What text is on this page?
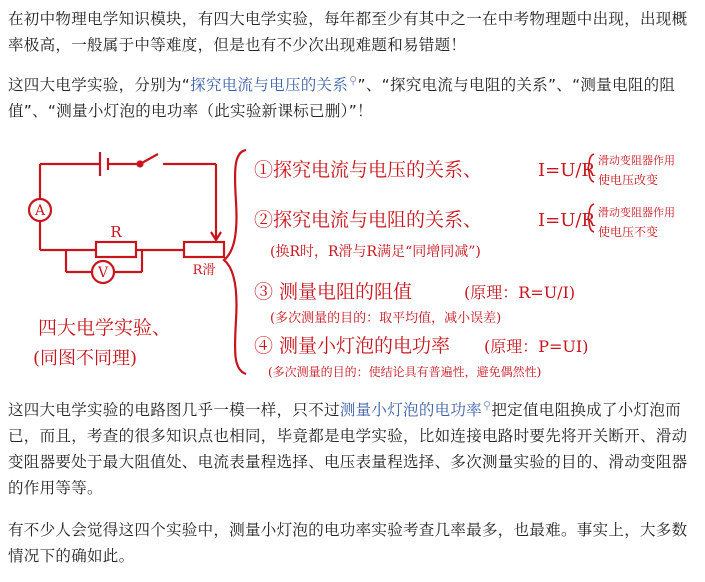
在初中物理电学知识模块，有四大电学实验，每年都至少有其中之一在中考物理题中出现，出现概率极高，一般属于中等难度，但是也有不少次出现难题和易错题！
这四大电学实验，分别为“探究电流与电压的关系⚲”、“探究电流与电阻的关系”、“测量电阻的阻值”、“测量小灯泡的电功率（此实验新课标已删）”！
A
V
R
R滑
四大电学实验、
(同图不同理)
①探究电流与电压的关系、	I=U/R 滑动变阻器作用
使电压改变
②探究电流与电阻的关系、	I=U/R 滑动变阻器作用
使电压不变
(换R时，R滑与R满足“同增同减”)
③ 测量电阻的阻值	(原理：R=U/I)
(多次测量的目的：取平均值，减小误差)
④ 测量小灯泡的电功率 (原理：P=UI)
(多次测量的目的：使结论具有普遍性，避免偶然性)
这四大电学实验的电路图几乎一模一样，只不过测量小灯泡的电功率⚲把定值电阻换成了小灯泡而已，而且，考查的很多知识点也相同，毕竟都是电学实验，比如连接电路时要先将开关断开、滑动变阻器要处于最大阻值处、电流表量程选择、电压表量程选择、多次测量实验的目的、滑动变阻器的作用等等。
有不少人会觉得这四个实验中，测量小灯泡的电功率实验考查几率最多，也最难。事实上，大多数情况下的确如此。
